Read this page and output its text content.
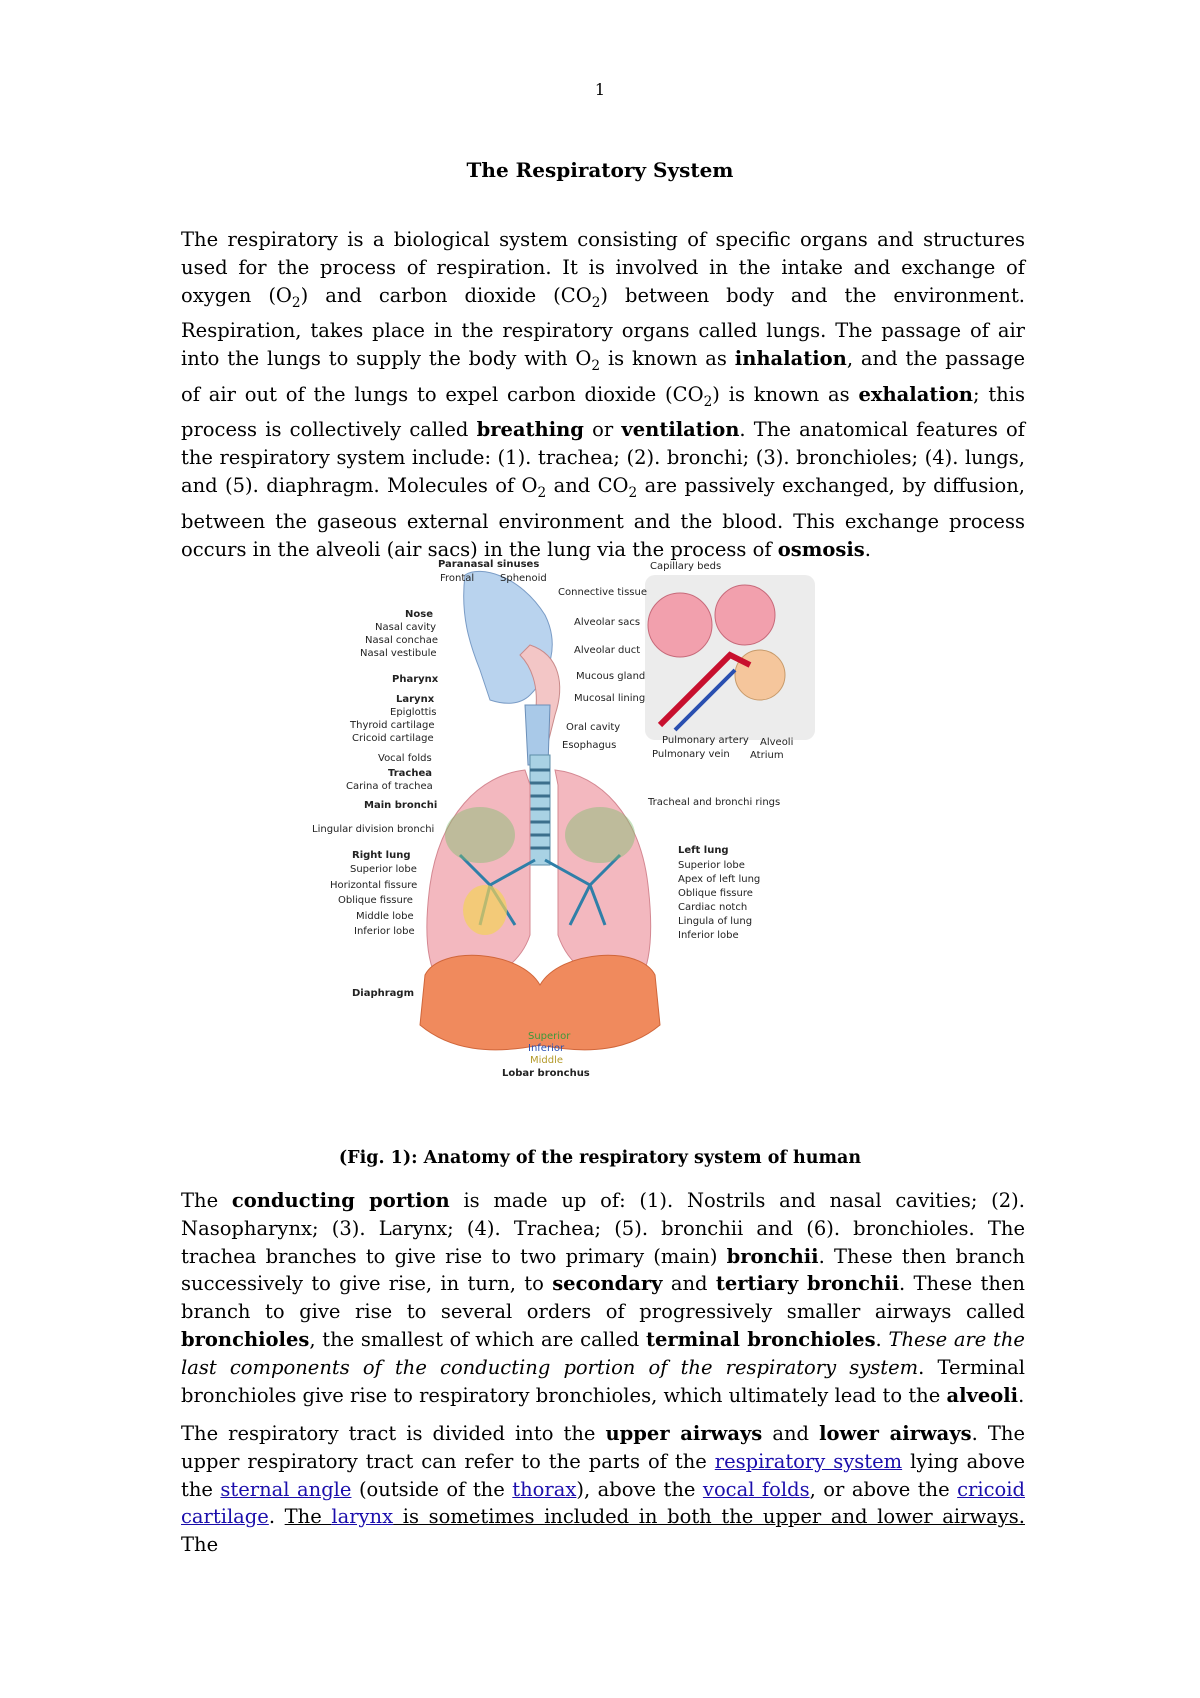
1
The Respiratory System

The respiratory is a biological system consisting of specific organs and structures used for the process of respiration. It is involved in the intake and exchange of oxygen $(O_2)$ and carbon dioxide $(CO_2)$ between body and the environment. Respiration, takes place in the respiratory organs called lungs. The passage of air into the lungs to supply the body with $O_2$ is known as inhalation, and the passage of air out of the lungs to expel carbon dioxide $(CO_2)$ is known as exhalation; this process is collectively called breathing or ventilation. The anatomical features of the respiratory system include: (1). trachea; (2). bronchi; (3). bronchioles; (4). lungs, and (5). diaphragm. Molecules of $O_2$ and $CO_2$ are passively exchanged, by diffusion, between the gaseous external environment and the blood. This exchange process occurs in the alveoli (air sacs) in the lung via the process of osmosis.

Paranasal sinuses
Frontal	Sphenoid
Nose
Nasal cavity
Nasal conchae
Nasal vestibule
Pharynx
Larynx
Epiglottis
Thyroid cartilage
Cricoid cartilage
Vocal folds
Trachea
Carina of trachea
Main bronchi
Lingular division bronchi
Right lung
Superior lobe
Horizontal fissure
Oblique fissure
Middle lobe
Inferior lobe
Diaphragm
Capillary beds
Connective tissue
Alveolar sacs
Alveolar duct
Mucous gland
Mucosal lining
Oral cavity
Esophagus	Pulmonary artery
Pulmonary vein
Alveoli
Atrium
Tracheal and bronchi rings
Left lung
Superior lobe
Apex of left lung
Oblique fissure
Cardiac notch
Lingula of lung
Inferior lobe
Superior
Inferior
Middle
Lobar bronchus
(Fig. 1): Anatomy of the respiratory system of human

The conducting portion is made up of: (1). Nostrils and nasal cavities; (2). Nasopharynx; (3). Larynx; (4). Trachea; (5). bronchii and (6). bronchioles. The trachea branches to give rise to two primary (main) bronchii. These then branch successively to give rise, in turn, to secondary and tertiary bronchii. These then branch to give rise to several orders of progressively smaller airways called bronchioles, the smallest of which are called terminal bronchioles. These are the last components of the conducting portion of the respiratory system. Terminal bronchioles give rise to respiratory bronchioles, which ultimately lead to the alveoli.

The respiratory tract is divided into the upper airways and lower airways. The upper respiratory tract can refer to the parts of the respiratory system lying above the sternal angle (outside of the thorax), above the vocal folds, or above the cricoid cartilage. The larynx is sometimes included in both the upper and lower airways. The
